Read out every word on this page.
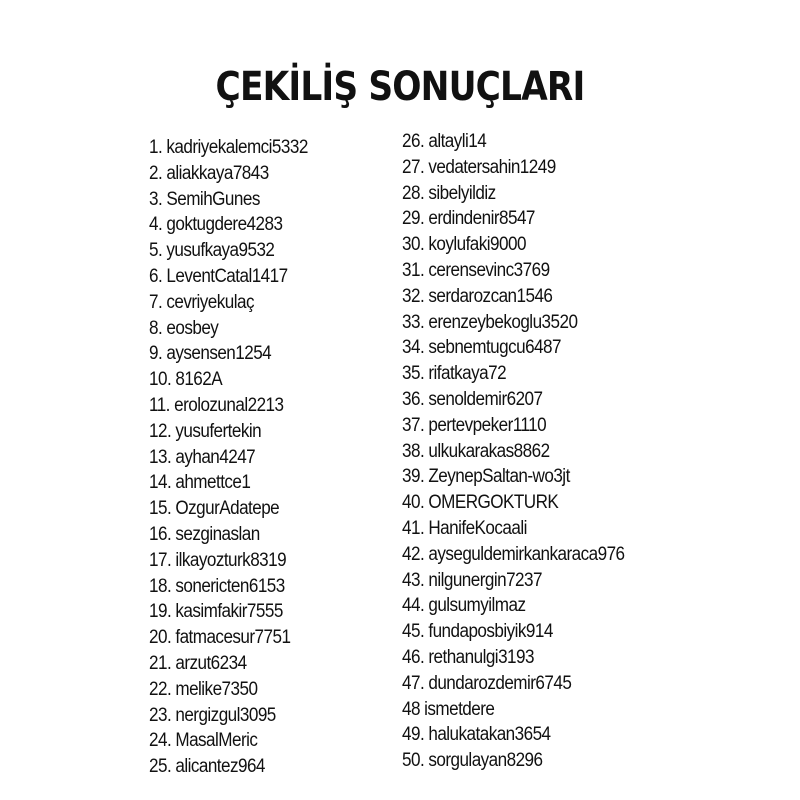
ÇEKİLİŞ SONUÇLARI
1. kadriyekalemci5332
2. aliakkaya7843
3. SemihGunes
4. goktugdere4283
5. yusufkaya9532
6. LeventCatal1417
7. cevriyekulaç
8. eosbey
9. aysensen1254
10. 8162A
11. erolozunal2213
12. yusufertekin
13. ayhan4247
14. ahmettce1
15. OzgurAdatepe
16. sezginaslan
17. ilkayozturk8319
18. sonericten6153
19. kasimfakir7555
20. fatmacesur7751
21. arzut6234
22. melike7350
23. nergizgul3095
24. MasalMeric
25. alicantez964
26. altayli14
27. vedatersahin1249
28. sibelyildiz
29. erdindenir8547
30. koylufaki9000
31. cerensevinc3769
32. serdarozcan1546
33. erenzeybekoglu3520
34. sebnemtugcu6487
35. rifatkaya72
36. senoldemir6207
37. pertevpeker1110
38. ulkukarakas8862
39. ZeynepSaltan-wo3jt
40. OMERGOKTURK
41. HanifeKocaali
42. ayseguldemirkankaraca976
43. nilgunergin7237
44. gulsumyilmaz
45. fundaposbiyik914
46. rethanulgi3193
47. dundarozdemir6745
48 ismetdere
49. halukatakan3654
50. sorgulayan8296
